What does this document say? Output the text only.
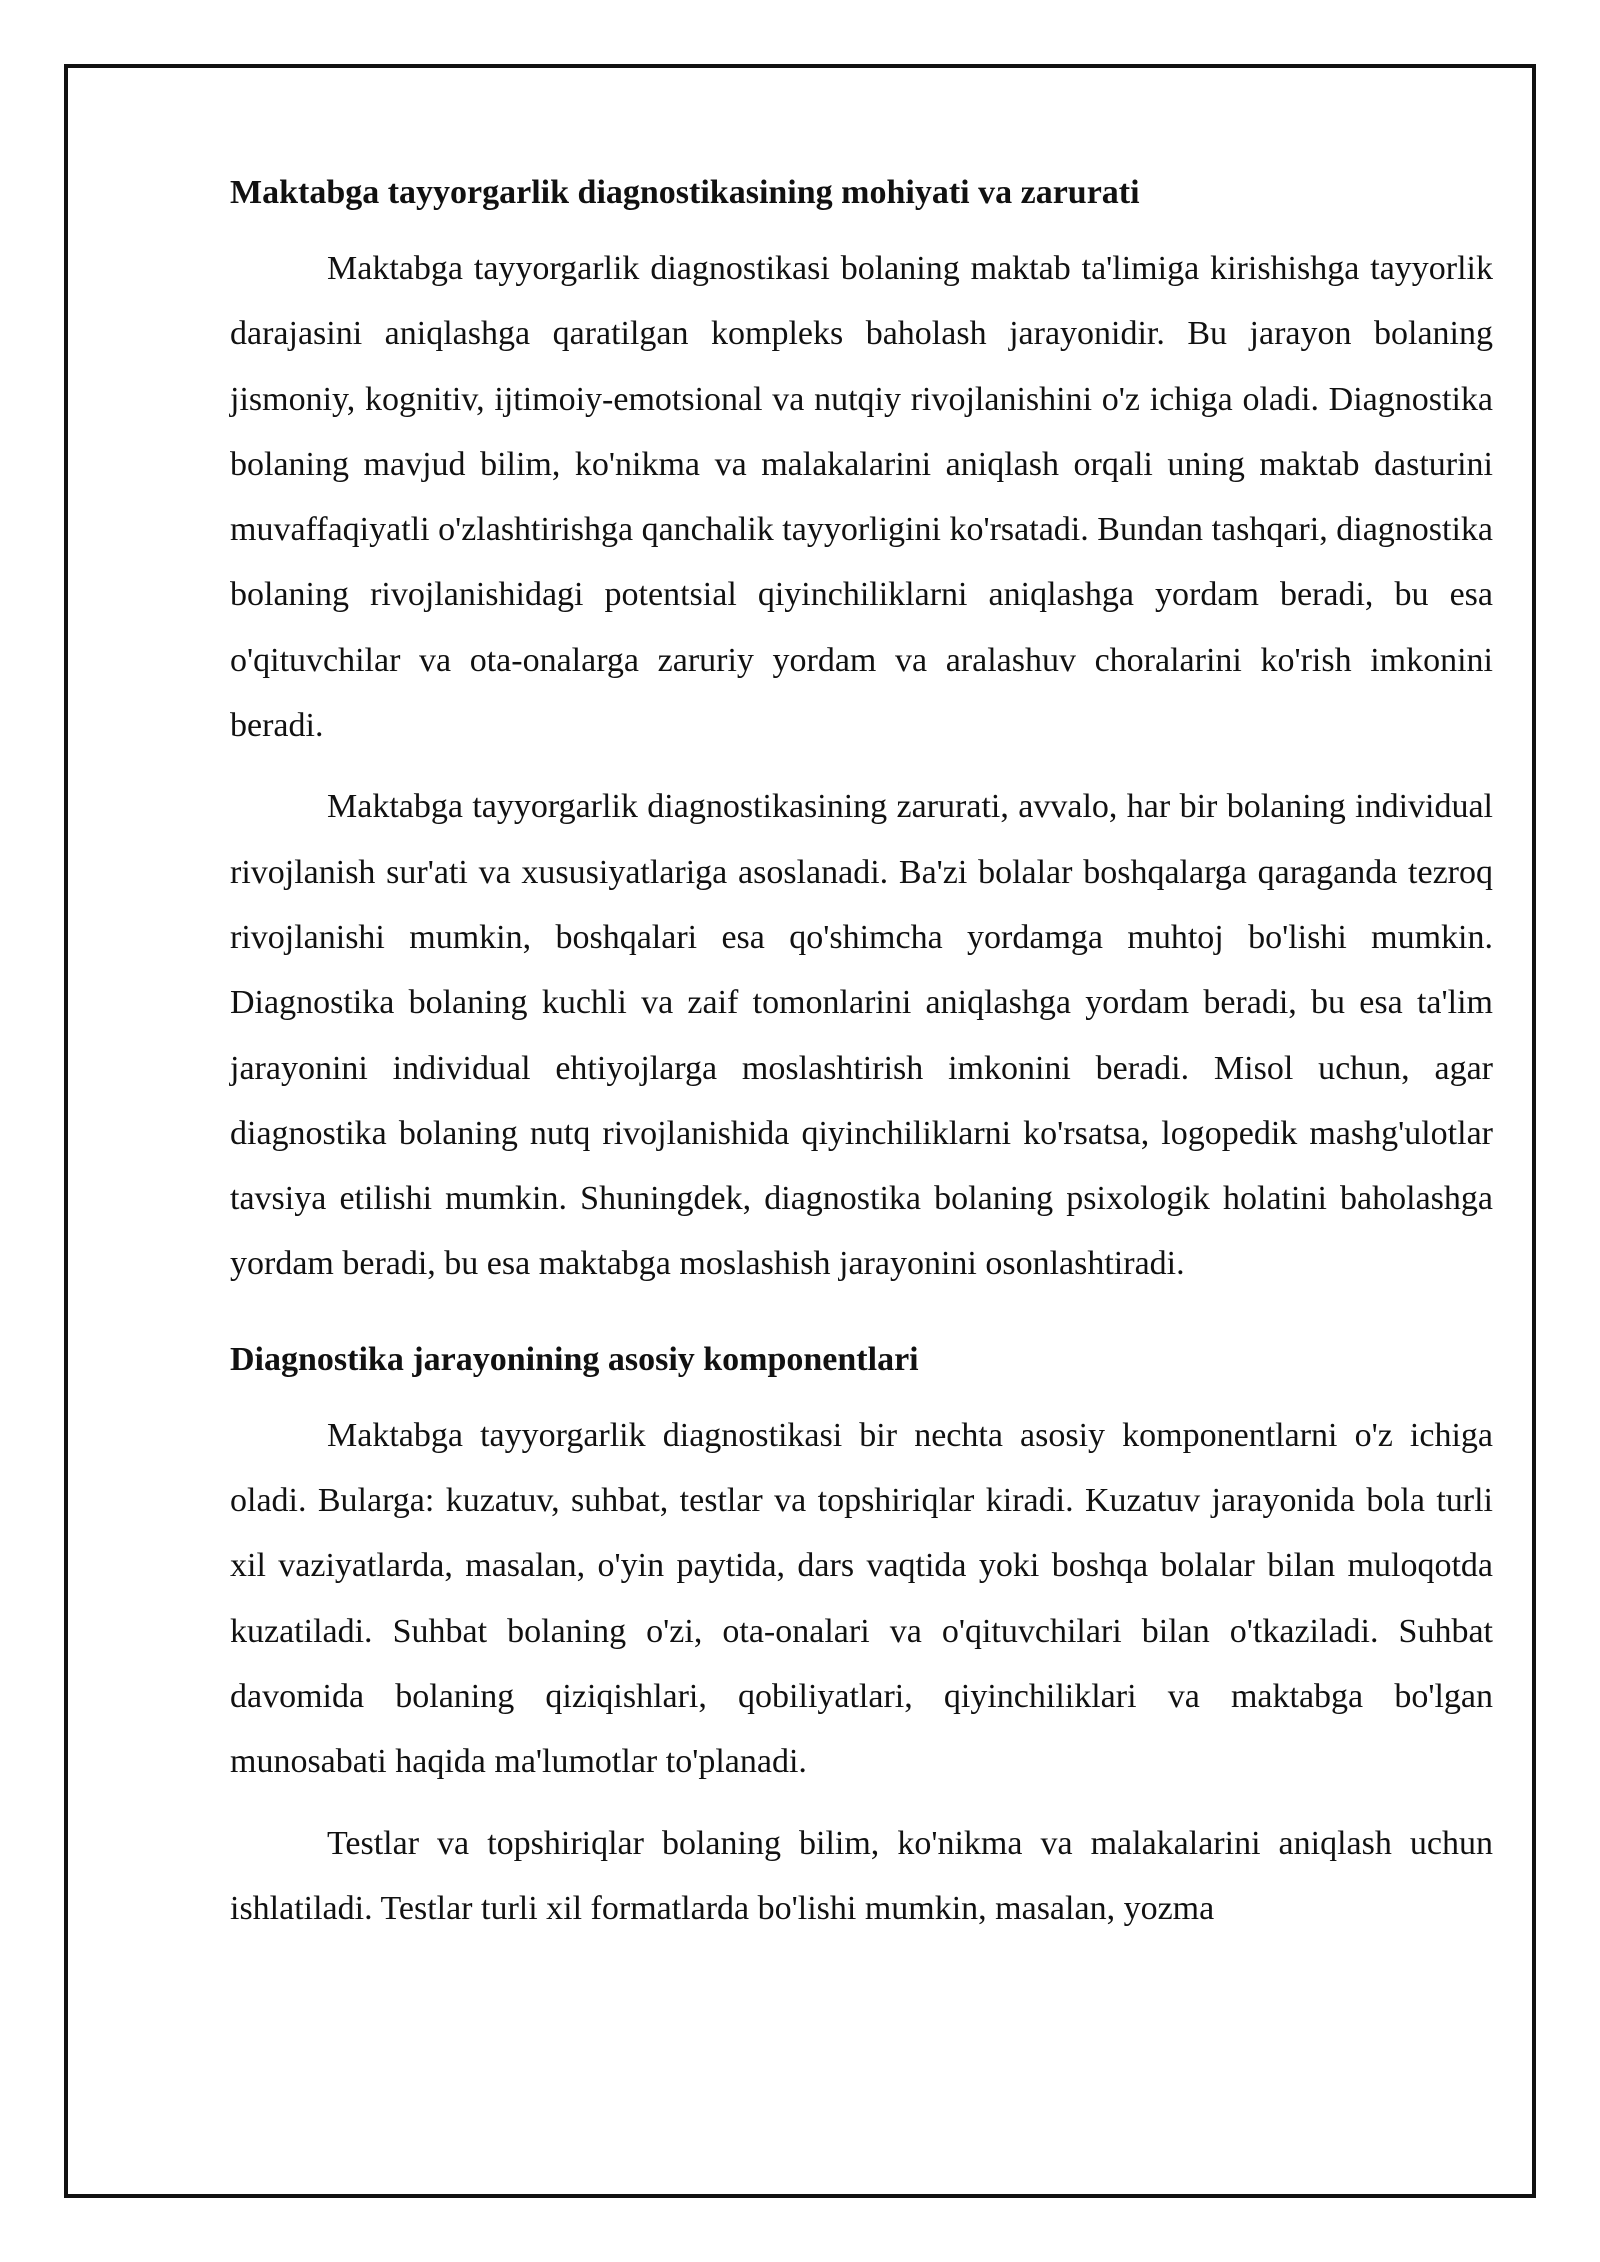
Maktabga tayyorgarlik diagnostikasining mohiyati va zarurati

Maktabga tayyorgarlik diagnostikasi bolaning maktab ta'limiga kirishishga tayyorlik darajasini aniqlashga qaratilgan kompleks baholash jarayonidir. Bu jarayon bolaning jismoniy, kognitiv, ijtimoiy-emotsional va nutqiy rivojlanishini o'z ichiga oladi. Diagnostika bolaning mavjud bilim, ko'nikma va malakalarini aniqlash orqali uning maktab dasturini muvaffaqiyatli o'zlashtirishga qanchalik tayyorligini ko'rsatadi. Bundan tashqari, diagnostika bolaning rivojlanishidagi potentsial qiyinchiliklarni aniqlashga yordam beradi, bu esa o'qituvchilar va ota-onalarga zaruriy yordam va aralashuv choralarini ko'rish imkonini beradi.

Maktabga tayyorgarlik diagnostikasining zarurati, avvalo, har bir bolaning individual rivojlanish sur'ati va xususiyatlariga asoslanadi. Ba'zi bolalar boshqalarga qaraganda tezroq rivojlanishi mumkin, boshqalari esa qo'shimcha yordamga muhtoj bo'lishi mumkin. Diagnostika bolaning kuchli va zaif tomonlarini aniqlashga yordam beradi, bu esa ta'lim jarayonini individual ehtiyojlarga moslashtirish imkonini beradi. Misol uchun, agar diagnostika bolaning nutq rivojlanishida qiyinchiliklarni ko'rsatsa, logopedik mashg'ulotlar tavsiya etilishi mumkin. Shuningdek, diagnostika bolaning psixologik holatini baholashga yordam beradi, bu esa maktabga moslashish jarayonini osonlashtiradi.

Diagnostika jarayonining asosiy komponentlari

Maktabga tayyorgarlik diagnostikasi bir nechta asosiy komponentlarni o'z ichiga oladi. Bularga: kuzatuv, suhbat, testlar va topshiriqlar kiradi. Kuzatuv jarayonida bola turli xil vaziyatlarda, masalan, o'yin paytida, dars vaqtida yoki boshqa bolalar bilan muloqotda kuzatiladi. Suhbat bolaning o'zi, ota-onalari va o'qituvchilari bilan o'tkaziladi. Suhbat davomida bolaning qiziqishlari, qobiliyatlari, qiyinchiliklari va maktabga bo'lgan munosabati haqida ma'lumotlar to'planadi.

Testlar va topshiriqlar bolaning bilim, ko'nikma va malakalarini aniqlash uchun ishlatiladi. Testlar turli xil formatlarda bo'lishi mumkin, masalan, yozma
